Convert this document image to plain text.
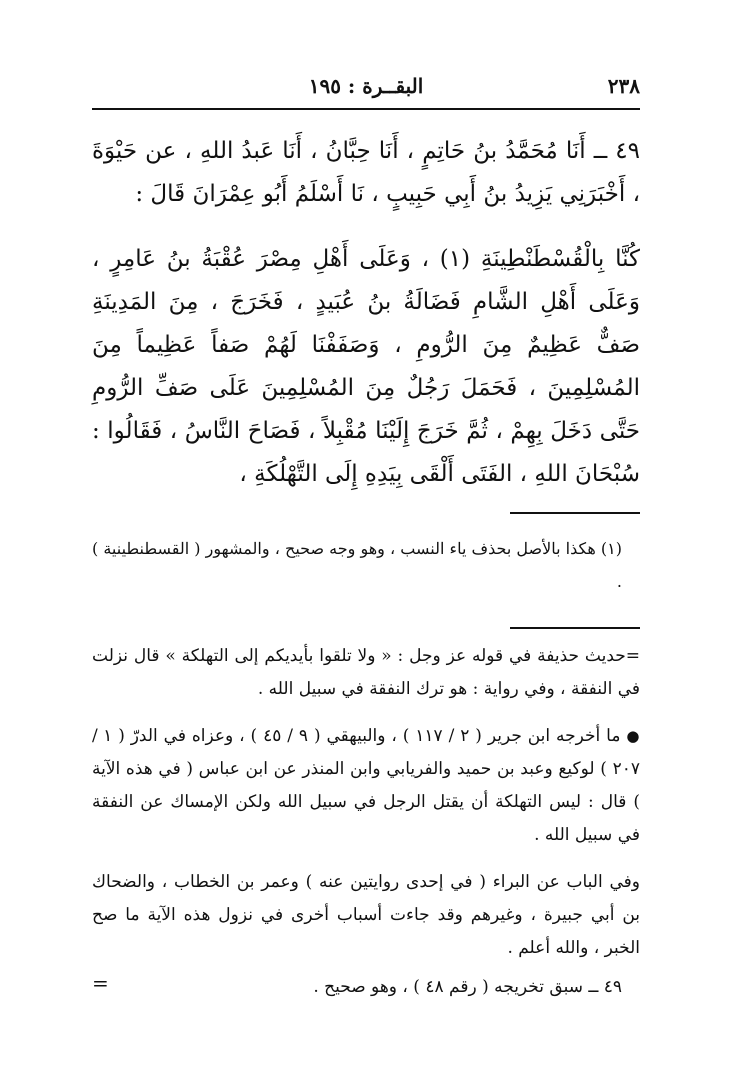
٢٣٨
البقــرة : ١٩٥

٤٩ ــ أَنَا مُحَمَّدُ بنُ حَاتِمٍ ، أَنَا حِبَّانُ ، أَنَا عَبدُ اللهِ ، عن حَيْوَةَ ، أَخْبَرَنِي يَزِيدُ بنُ أَبِي حَبِيبٍ ، نَا أَسْلَمُ أَبُو عِمْرَانَ قَالَ :

كُنَّا بِالْقُسْطَنْطِينَةِ (١) ، وَعَلَى أَهْلِ مِصْرَ عُقْبَةُ بنُ عَامِرٍ ، وَعَلَى أَهْلِ الشَّامِ فَضَالَةُ بنُ عُبَيدٍ ، فَخَرَجَ ، مِنَ المَدِينَةِ صَفٌّ عَظِيمٌ مِنَ الرُّومِ ، وَصَفَفْنَا لَهُمْ صَفاً عَظِيماً مِنَ المُسْلِمِينَ ، فَحَمَلَ رَجُلٌ مِنَ المُسْلِمِينَ عَلَى صَفِّ الرُّومِ حَتَّى دَخَلَ بِهِمْ ، ثُمَّ خَرَجَ إِلَيْنَا مُقْبِلاً ، فَصَاحَ النَّاسُ ، فَقَالُوا : سُبْحَانَ اللهِ ، الفَتَى أَلْقَى بِيَدِهِ إِلَى التَّهْلُكَةِ ،

(١) هكذا بالأصل بحذف ياء النسب ، وهو وجه صحيح ، والمشهور ( القسطنطينية ) .

=حديث حذيفة في قوله عز وجل : « ولا تلقوا بأيديكم إلى التهلكة » قال نزلت في النفقة ، وفي رواية : هو ترك النفقة في سبيل الله .

● ما أخرجه ابن جرير ( ٢ / ١١٧ ) ، والبيهقي ( ٩ / ٤٥ ) ، وعزاه في الدرّ ( ١ / ٢٠٧ ) لوكيع وعبد بن حميد والفريابي وابن المنذر عن ابن عباس ( في هذه الآية ) قال : ليس التهلكة أن يقتل الرجل في سبيل الله ولكن الإمساك عن النفقة في سبيل الله .

وفي الباب عن البراء ( في إحدى روايتين عنه ) وعمر بن الخطاب ، والضحاك بن أبي جبيرة ، وغيرهم وقد جاءت أسباب أخرى في نزول هذه الآية ما صح الخبر ، والله أعلم .

٤٩ ــ سبق تخريجه ( رقم ٤٨ ) ، وهو صحيح .
=
